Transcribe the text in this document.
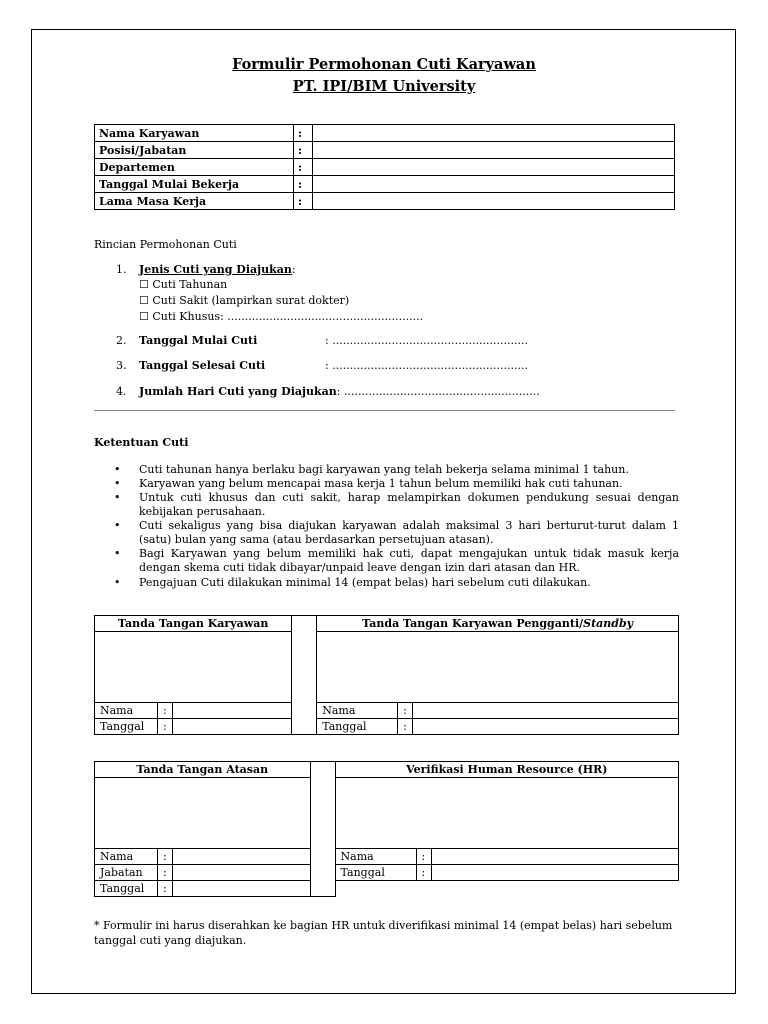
Formulir Permohonan Cuti Karyawan
PT. IPI/BIM University
Nama Karyawan	:	
Posisi/Jabatan	:	
Departemen	:	
Tanggal Mulai Bekerja	:	
Lama Masa Kerja	:	
Rincian Permohonan Cuti
1. Jenis Cuti yang Diajukan:
☐ Cuti Tahunan
☐ Cuti Sakit (lampirkan surat dokter)
☐ Cuti Khusus: ........................................................
2. Tanggal Mulai Cuti	: ........................................................
3. Tanggal Selesai Cuti	: ........................................................
4. Jumlah Hari Cuti yang Diajukan: ........................................................
Ketentuan Cuti
• Cuti tahunan hanya berlaku bagi karyawan yang telah bekerja selama minimal 1 tahun.
• Karyawan yang belum mencapai masa kerja 1 tahun belum memiliki hak cuti tahunan.
• Untuk cuti khusus dan cuti sakit, harap melampirkan dokumen pendukung sesuai dengan kebijakan perusahaan.
• Cuti sekaligus yang bisa diajukan karyawan adalah maksimal 3 hari berturut-turut dalam 1 (satu) bulan yang sama (atau berdasarkan persetujuan atasan).
• Bagi Karyawan yang belum memiliki hak cuti, dapat mengajukan untuk tidak masuk kerja dengan skema cuti tidak dibayar/unpaid leave dengan izin dari atasan dan HR.
• Pengajuan Cuti dilakukan minimal 14 (empat belas) hari sebelum cuti dilakukan.
Tanda Tangan Karyawan				Tanda Tangan Karyawan Pengganti/Standby		

Nama	:			Nama	:	
Tanggal	:			Tanggal	:	
Tanda Tangan Atasan				Verifikasi Human Resource (HR)		

Nama	:			Nama	:	
Jabatan	:			Tanggal	:	
Tanggal	:					
* Formulir ini harus diserahkan ke bagian HR untuk diverifikasi minimal 14 (empat belas) hari sebelum tanggal cuti yang diajukan.
